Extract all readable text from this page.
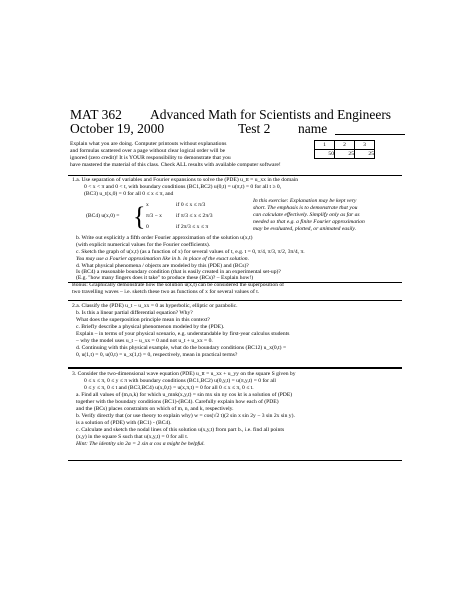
MAT 362 Advanced Math for Scientists and Engineers
October 19, 2000	Test 2 name
Explain what you are doing. Computer printouts without explanations
and formulas scattered over a page without clear logical order will be
ignored (zero credit)! It is YOUR responsibility to demonstrate that you
have mastered the material of this class. Check ALL results with available computer software!
1	2	3
50	25	25
1.a. Use separation of variables and Fourier expansions to solve the (PDE) u_tt = u_xx in the domain
0 < x < π and 0 < t, with boundary conditions (BC1,BC2) u(0,t) = u(π,t) = 0 for all t ≥ 0,
(BC3) u_t(x,0) = 0 for all 0 ≤ x ≤ π, and
(BC4) u(x,0) = { x	if 0 ≤ x ≤ π/3
π/3 − x	if π/3 ≤ x ≤ 2π/3
0	if 2π/3 ≤ x ≤ π
In this exercise: Explanation may be kept very
short. The emphasis is to demonstrate that you
can calculate effectively. Simplify only as far as
needed so that e.g. a finite Fourier approximation
may be evaluated, plotted, or animated easily.
b. Write out explicitly a fifth order Fourier approximation of the solution u(x,t)
(with explicit numerical values for the Fourier coefficients).
c. Sketch the graph of u(x,t) (as a function of x) for several values of t, e.g. t = 0, π/4, π/3, π/2, 3π/4, π.
You may use a Fourier approximation like in b. in place of the exact solution.
d. What physical phenomena / objects are modeled by this (PDE) and (BCs)?
Is (BC4) a reasonable boundary condition (that is easily created in an experimental set-up)?
(E.g. "how many fingers does it take" to produce these (BCs)? – Explain how!)
Bonus: Graphically demonstrate how the solution u(x,t) can be considered the superposition of
two travelling waves – i.e. sketch these two as functions of x for several values of t.
2.a. Classify the (PDE) u_t − u_xx = 0 as hyperbolic, elliptic or parabolic.
b. Is this a linear partial differential equation? Why?
What does the superposition principle mean in this context?
c. Briefly describe a physical phenomenon modeled by the (PDE).
Explain – in terms of your physical scenario, e.g. understandable by first-year calculus students
– why the model uses u_t − u_xx = 0 and not u_t + u_xx = 0.
d. Continuing with this physical example, what do the boundary conditions (BC12) u_x(0,t) =
0, u(1,t) = 0, u(0,t) = u_x(1,t) = 0, respectively, mean in practical terms?
3. Consider the two-dimensional wave equation (PDE) u_tt = u_xx + u_yy on the square S given by
0 ≤ x ≤ π, 0 ≤ y ≤ π with boundary conditions (BC1,BC2) u(0,y,t) = u(π,y,t) = 0 for all
0 ≤ y ≤ π, 0 ≤ t and (BC3,BC4) u(x,0,t) = u(x,π,t) = 0 for all 0 ≤ x ≤ π, 0 ≤ t.
a. Find all values of (m,n,k) for which u_mnk(x,y,t) = sin mx sin ny cos kt is a solution of (PDE)
together with the boundary conditions (BC1)-(BC4). Carefully explain how each of (PDE)
and the (BCs) places constraints on which of m, n, and k, respectively.
b. Verify directly that (or use theory to explain why) w = cos(√2 t)(2 sin x sin 2y − 3 sin 2x sin y).
is a solution of (PDE) with (BC1) - (BC4).
c. Calculate and sketch the nodal lines of this solution u(x,y,t) from part b., i.e. find all points
(x,y) in the square S such that u(x,y,t) = 0 for all t.
Hint: The identity sin 2α = 2 sin α cos α might be helpful.
